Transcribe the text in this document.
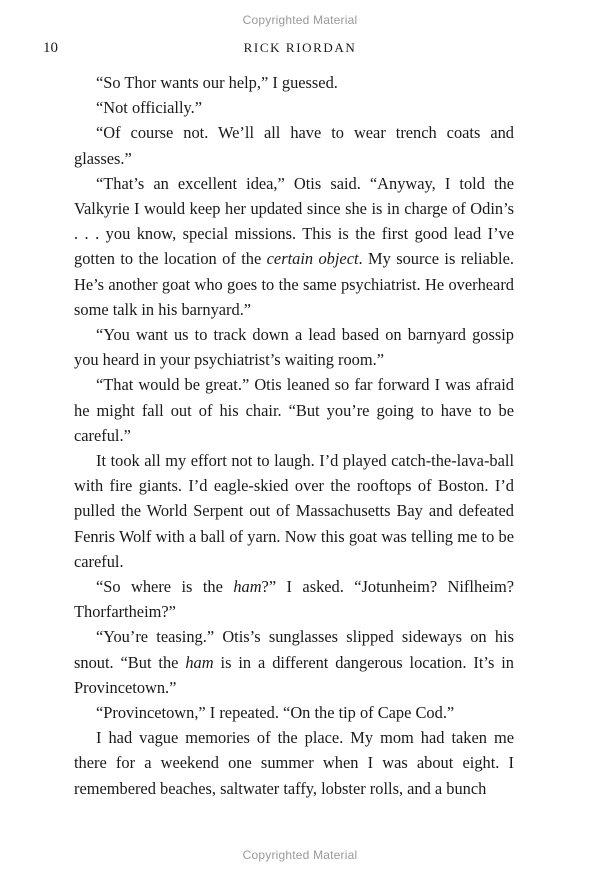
Copyrighted Material
10	RICK RIORDAN

“So Thor wants our help,” I guessed.

“Not officially.”

“Of course not. We’ll all have to wear trench coats and glasses.”

“That’s an excellent idea,” Otis said. “Anyway, I told the Valkyrie I would keep her updated since she is in charge of Odin’s . . . you know, special missions. This is the first good lead I’ve gotten to the location of the certain object. My source is reliable. He’s another goat who goes to the same psychiatrist. He overheard some talk in his barnyard.”

“You want us to track down a lead based on barnyard gossip you heard in your psychiatrist’s waiting room.”

“That would be great.” Otis leaned so far forward I was afraid he might fall out of his chair. “But you’re going to have to be careful.”

It took all my effort not to laugh. I’d played catch-the-lava-ball with fire giants. I’d eagle-skied over the rooftops of Boston. I’d pulled the World Serpent out of Massachusetts Bay and defeated Fenris Wolf with a ball of yarn. Now this goat was telling me to be careful.

“So where is the ham?” I asked. “Jotunheim? Niflheim? Thorfartheim?”

“You’re teasing.” Otis’s sunglasses slipped sideways on his snout. “But the ham is in a different dangerous location. It’s in Provincetown.”

“Provincetown,” I repeated. “On the tip of Cape Cod.”

I had vague memories of the place. My mom had taken me there for a weekend one summer when I was about eight. I remembered beaches, saltwater taffy, lobster rolls, and a bunch

Copyrighted Material
